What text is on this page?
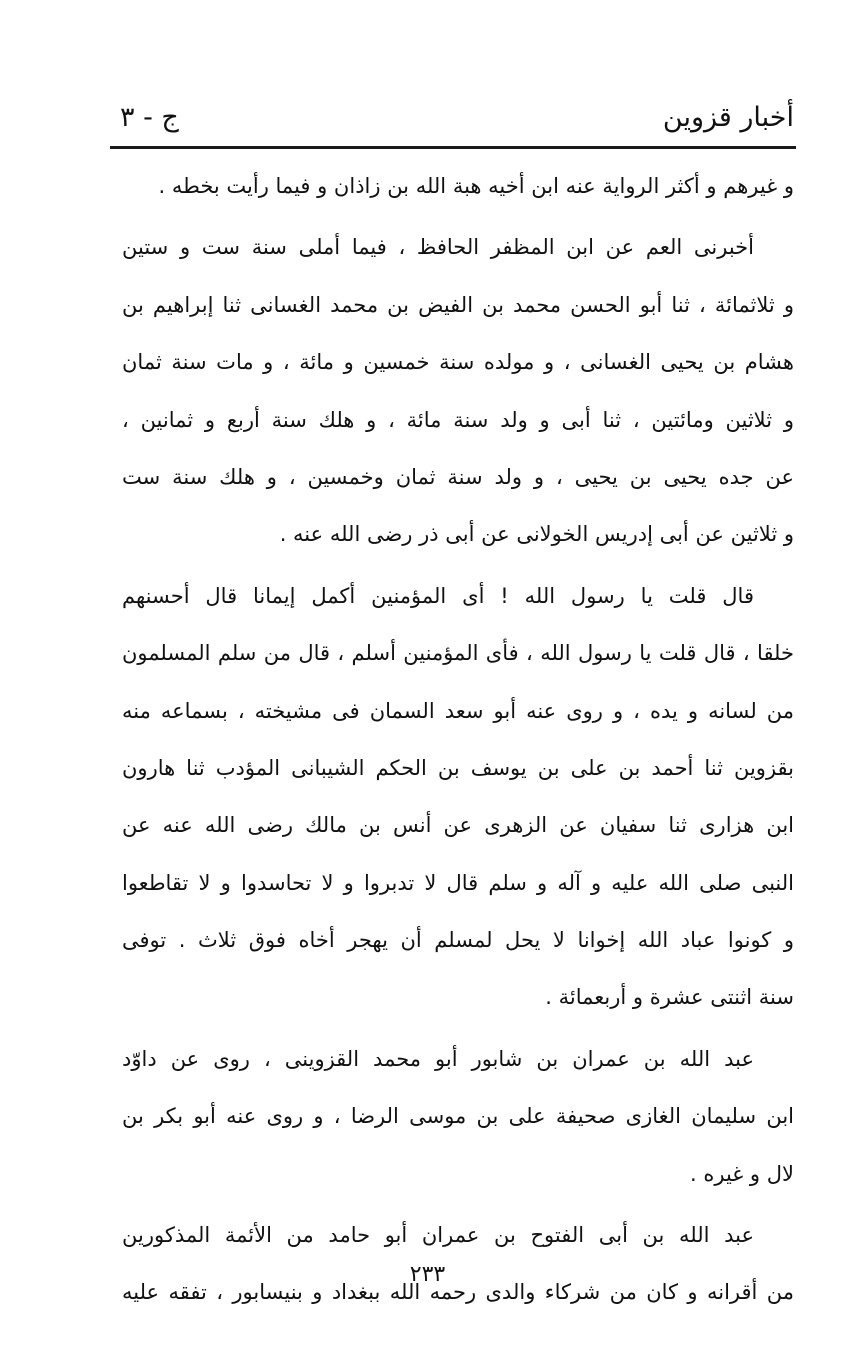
أخبار قزوين
ج - ٣
و غيرهم و أكثر الرواية عنه ابن أخيه هبة الله بن زاذان و فيما رأيت بخطه .
أخبرنى العم عن ابن المظفر الحافظ ، فيما أملى سنة ست و ستين
و ثلاثمائة ، ثنا أبو الحسن محمد بن الفيض بن محمد الغسانى ثنا إبراهيم بن
هشام بن يحيى الغسانى ، و مولده سنة خمسين و مائة ، و مات سنة ثمان
و ثلاثين ومائتين ، ثنا أبى و ولد سنة مائة ، و هلك سنة أربع و ثمانين ،
عن جده يحيى بن يحيى ، و ولد سنة ثمان وخمسين ، و هلك سنة ست
و ثلاثين عن أبى إدريس الخولانى عن أبى ذر رضى الله عنه .
قال قلت يا رسول الله ! أى المؤمنين أكمل إيمانا قال أحسنهم
خلقا ، قال قلت يا رسول الله ، فأى المؤمنين أسلم ، قال من سلم المسلمون
من لسانه و يده ، و روى عنه أبو سعد السمان فى مشيخته ، بسماعه منه
بقزوين ثنا أحمد بن على بن يوسف بن الحكم الشيبانى المؤدب ثنا هارون
ابن هزارى ثنا سفيان عن الزهرى عن أنس بن مالك رضى الله عنه عن
النبى صلى الله عليه و آله و سلم قال لا تدبروا و لا تحاسدوا و لا تقاطعوا
و كونوا عباد الله إخوانا لا يحل لمسلم أن يهجر أخاه فوق ثلاث . توفى
سنة اثنتى عشرة و أربعمائة .
عبد الله بن عمران بن شابور أبو محمد القزوينى ، روى عن داوّد
ابن سليمان الغازى صحيفة على بن موسى الرضا ، و روى عنه أبو بكر بن
لال و غيره .
عبد الله بن أبى الفتوح بن عمران أبو حامد من الأئمة المذكورين
من أقرانه و كان من شركاء والدى رحمه الله ببغداد و بنيسابور ، تفقه عليه
٢٣٣
